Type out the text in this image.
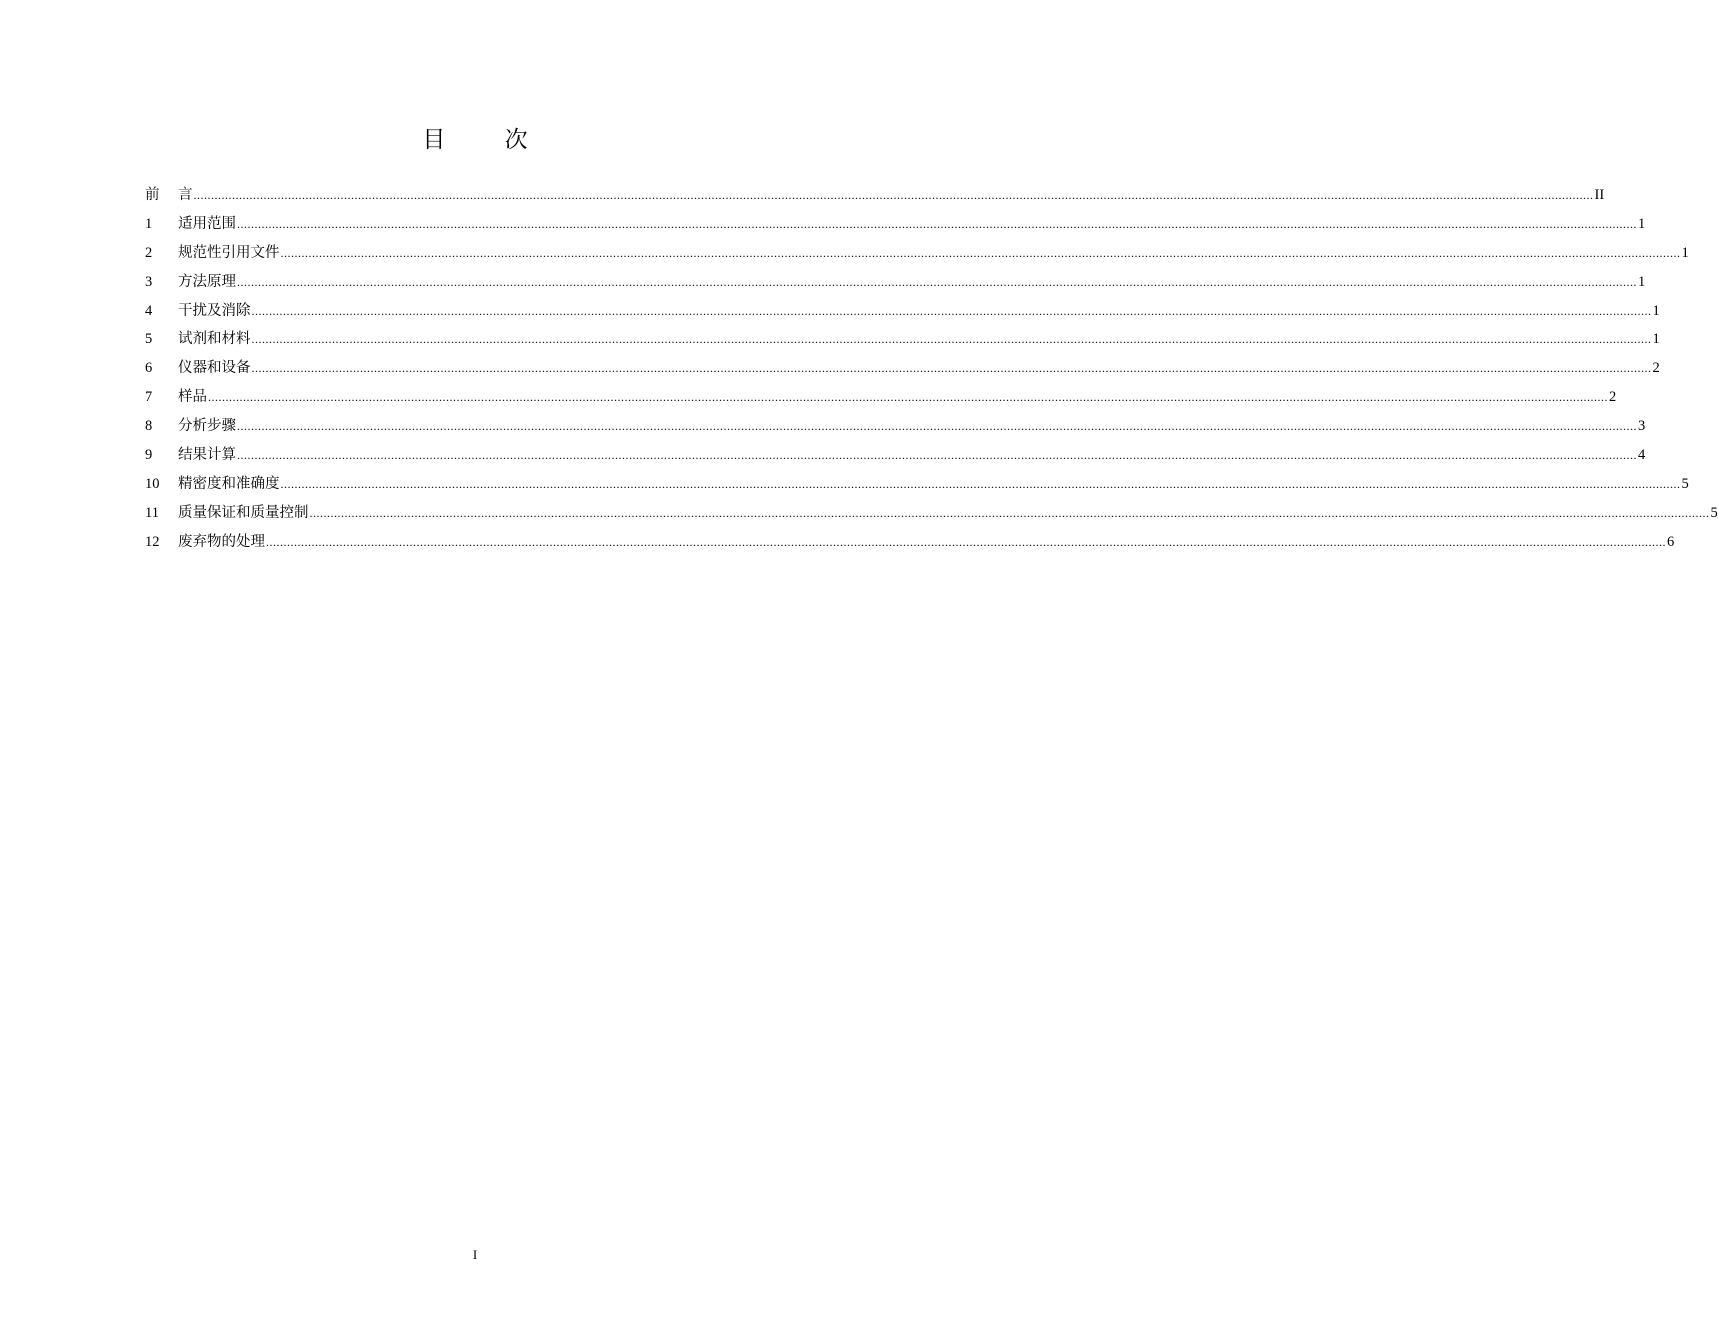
目 次
前	言 ................................................................................................................................................................................................................................................................................................................................................................................................................ II
1	适用范围 ................................................................................................................................................................................................................................................................................................................................................................................................................ 1
2	规范性引用文件 ................................................................................................................................................................................................................................................................................................................................................................................................................ 1
3	方法原理 ................................................................................................................................................................................................................................................................................................................................................................................................................ 1
4	干扰及消除 ................................................................................................................................................................................................................................................................................................................................................................................................................ 1
5	试剂和材料 ................................................................................................................................................................................................................................................................................................................................................................................................................ 1
6	仪器和设备 ................................................................................................................................................................................................................................................................................................................................................................................................................ 2
7	样品 ................................................................................................................................................................................................................................................................................................................................................................................................................ 2
8	分析步骤 ................................................................................................................................................................................................................................................................................................................................................................................................................ 3
9	结果计算 ................................................................................................................................................................................................................................................................................................................................................................................................................ 4
10	精密度和准确度 ................................................................................................................................................................................................................................................................................................................................................................................................................ 5
11	质量保证和质量控制 ................................................................................................................................................................................................................................................................................................................................................................................................................ 5
12	废弃物的处理 ................................................................................................................................................................................................................................................................................................................................................................................................................ 6
I
